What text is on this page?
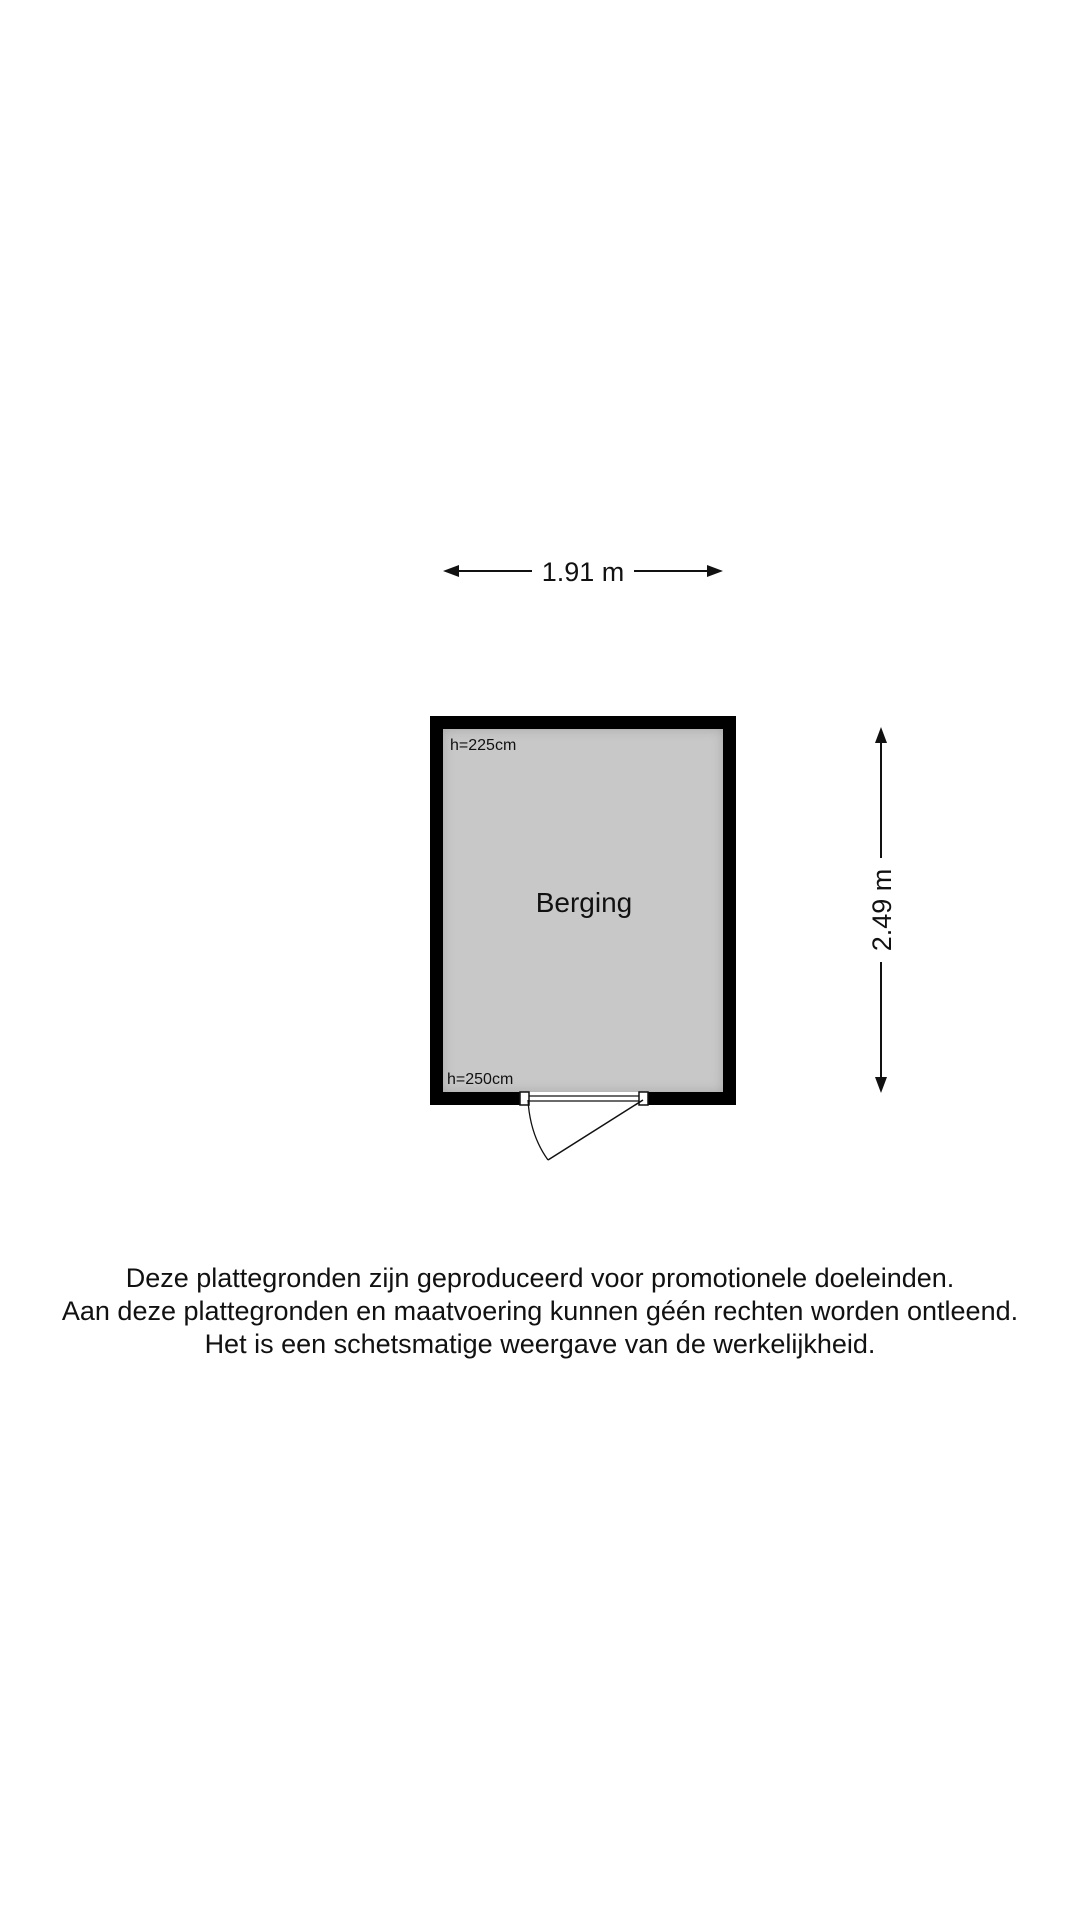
1.91 m
2.49 m
h=225cm
h=250cm
Berging
Deze plattegronden zijn geproduceerd voor promotionele doeleinden.
Aan deze plattegronden en maatvoering kunnen géén rechten worden ontleend.
Het is een schetsmatige weergave van de werkelijkheid.
